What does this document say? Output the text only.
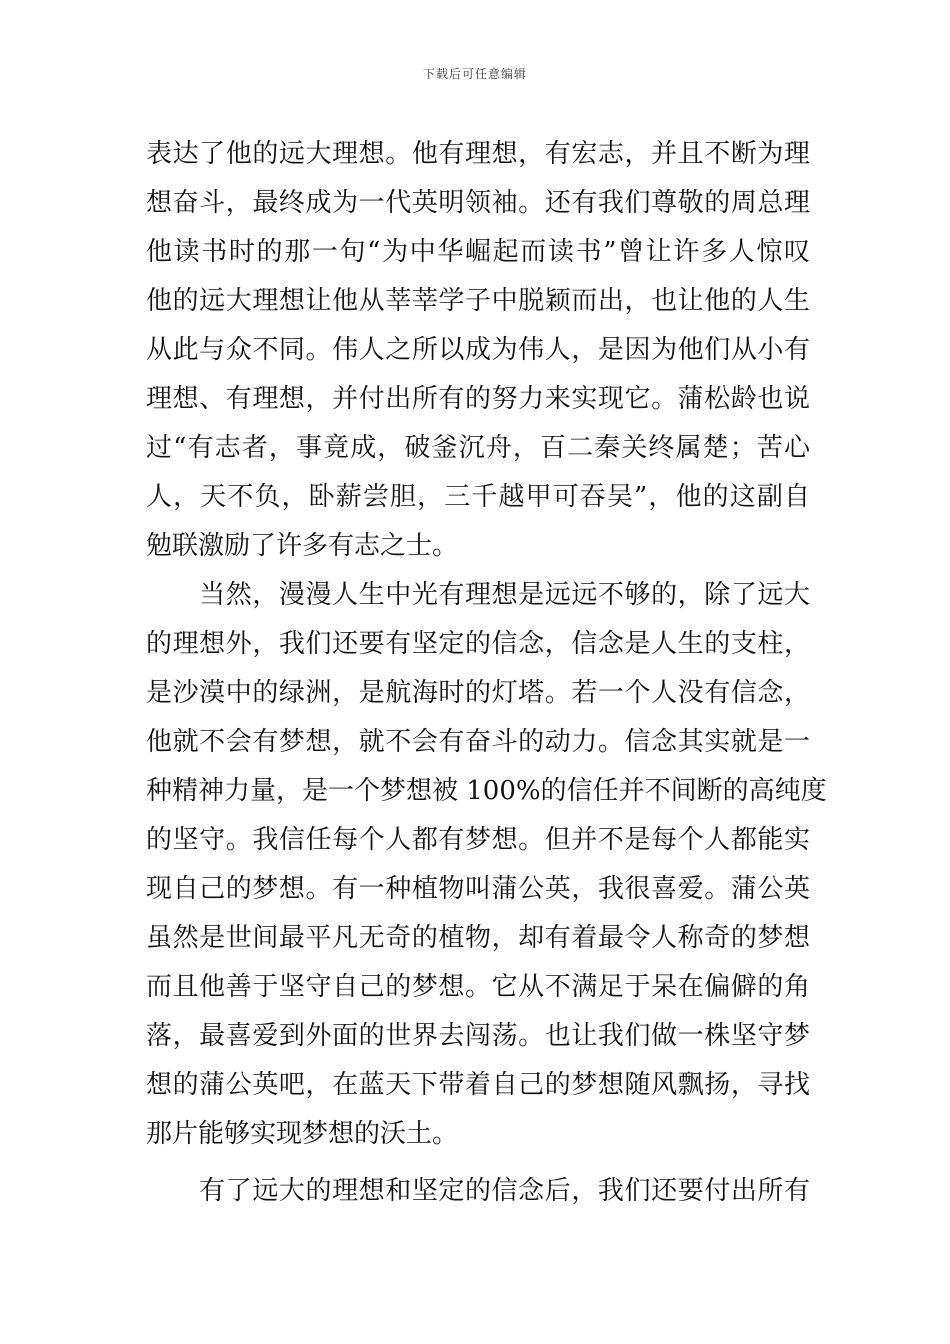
下载后可任意编辑
表达了他的远大理想。他有理想，有宏志，并且不断为理
想奋斗，最终成为一代英明领袖。还有我们尊敬的周总理
他读书时的那一句“为中华崛起而读书”曾让许多人惊叹
他的远大理想让他从莘莘学子中脱颖而出，也让他的人生
从此与众不同。伟人之所以成为伟人，是因为他们从小有
理想、有理想，并付出所有的努力来实现它。蒲松龄也说
过“有志者，事竟成，破釜沉舟，百二秦关终属楚；苦心
人，天不负，卧薪尝胆，三千越甲可吞吴”，他的这副自
勉联激励了许多有志之士。
　　当然，漫漫人生中光有理想是远远不够的，除了远大
的理想外，我们还要有坚定的信念，信念是人生的支柱，
是沙漠中的绿洲，是航海时的灯塔。若一个人没有信念，
他就不会有梦想，就不会有奋斗的动力。信念其实就是一
种精神力量，是一个梦想被 100%的信任并不间断的高纯度
的坚守。我信任每个人都有梦想。但并不是每个人都能实
现自己的梦想。有一种植物叫蒲公英，我很喜爱。蒲公英
虽然是世间最平凡无奇的植物，却有着最令人称奇的梦想
而且他善于坚守自己的梦想。它从不满足于呆在偏僻的角
落，最喜爱到外面的世界去闯荡。也让我们做一株坚守梦
想的蒲公英吧，在蓝天下带着自己的梦想随风飘扬，寻找
那片能够实现梦想的沃土。
　　有了远大的理想和坚定的信念后，我们还要付出所有
